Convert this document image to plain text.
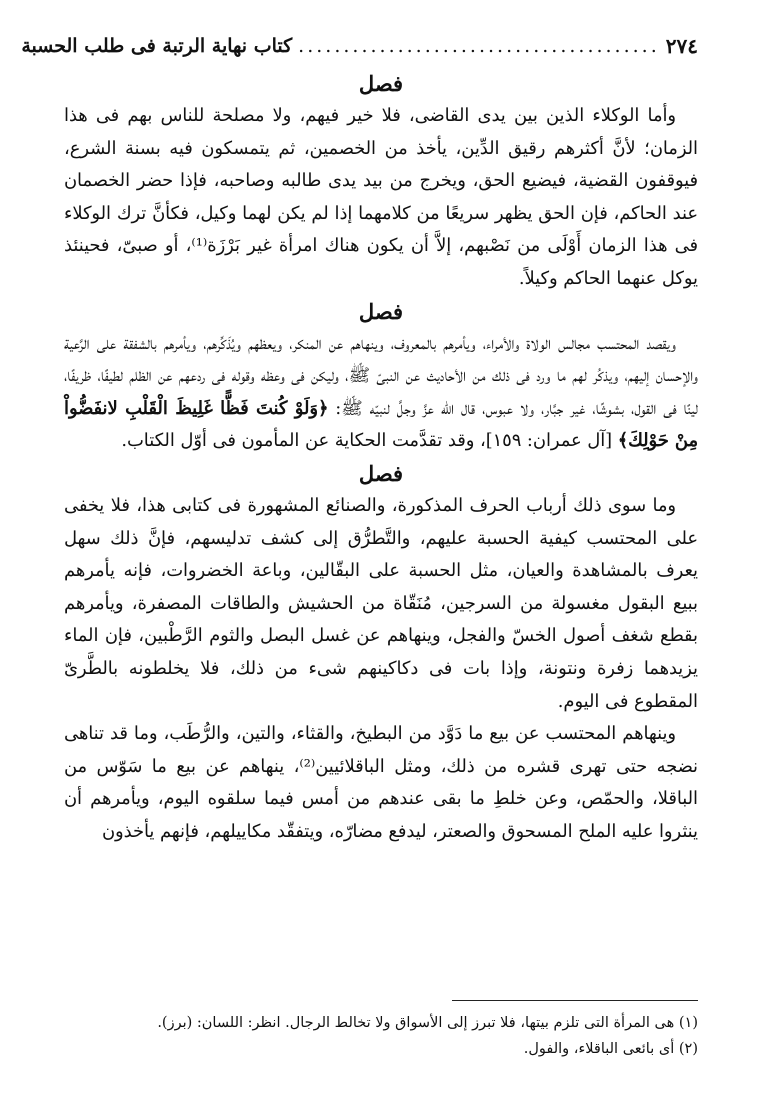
٢٧٤
........................................
كتاب نهاية الرتبة فى طلب الحسبة

فصل

وأما الوكلاء الذين بين يدى القاضى، فلا خير فيهم، ولا مصلحة للناس بهم فى هذا الزمان؛ لأنَّ أكثرهم رقيق الدِّين، يأخذ من الخصمين، ثم يتمسكون فيه بسنة الشرع، فيوقفون القضية، فيضيع الحق، ويخرج من بيد يدى طالبه وصاحبه، فإذا حضر الخصمان عند الحاكم، فإن الحق يظهر سريعًا من كلامهما إذا لم يكن لهما وكيل، فكأنَّ ترك الوكلاء فى هذا الزمان أَوْلَى من نَصْبهم، إلاَّ أن يكون هناك امرأة غير بَرْزَة⁽¹⁾، أو صبىّ، فحينئذ يوكل عنهما الحاكم وكيلاً.

فصل

ويقصد المحتسب مجالس الولاة والأمراء، ويأمرهم بالمعروف، وينهاهم عن المنكر، ويعظهم ويُذَكِّرهم، ويأمرهم بالشفقة على الرَّعية والإحسان إليهم، ويذكُر لهم ما ورد فى ذلك من الأحاديث عن النبىّ ﷺ، وليكن فى وعظه وقوله فى ردعهم عن الظلم لطيفًا، ظريفًا، لينًا فى القول، بشوشًا، غير جبَّار، ولا عبوس، قال الله عزَّ وجلَّ لنبيّه ﷺ: ﴿وَلَوْ كُنتَ فَظًّا غَلِيظَ الْقَلْبِ لانفَضُّواْ مِنْ حَوْلِكَ﴾ [آل عمران: ١٥٩]، وقد تقدَّمت الحكاية عن المأمون فى أوّل الكتاب.

فصل

وما سوى ذلك أرباب الحرف المذكورة، والصنائع المشهورة فى كتابى هذا، فلا يخفى على المحتسب كيفية الحسبة عليهم، والتَّطرُّق إلى كشف تدليسهم، فإنَّ ذلك سهل يعرف بالمشاهدة والعيان، مثل الحسبة على البقّالين، وباعة الخضروات، فإنه يأمرهم ببيع البقول مغسولة من السرجين، مُنَقّاة من الحشيش والطاقات المصفرة، ويأمرهم بقطع شغف أصول الخسّ والفجل، وينهاهم عن غسل البصل والثوم الرَّطْبين، فإن الماء يزيدهما زفرة ونتونة، وإذا بات فى دكاكينهم شىء من ذلك، فلا يخلطونه بالطَّرىّ المقطوع فى اليوم.

وينهاهم المحتسب عن بيع ما دَوَّد من البطيخ، والقثاء، والتين، والرُّطَب، وما قد تناهى نضجه حتى تهرى قشره من ذلك، ومثل الباقلائيين⁽²⁾، ينهاهم عن بيع ما سَوّس من الباقلا، والحمّص، وعن خلطِ ما بقى عندهم من أمس فيما سلقوه اليوم، ويأمرهم أن ينثروا عليه الملح المسحوق والصعتر، ليدفع مضارّه، ويتفقّد مكاييلهم، فإنهم يأخذون

(١) هى المرأة التى تلزم بيتها، فلا تبرز إلى الأسواق ولا تخالط الرجال. انظر: اللسان: (برز).

(٢) أى بائعى الباقلاء، والفول.
